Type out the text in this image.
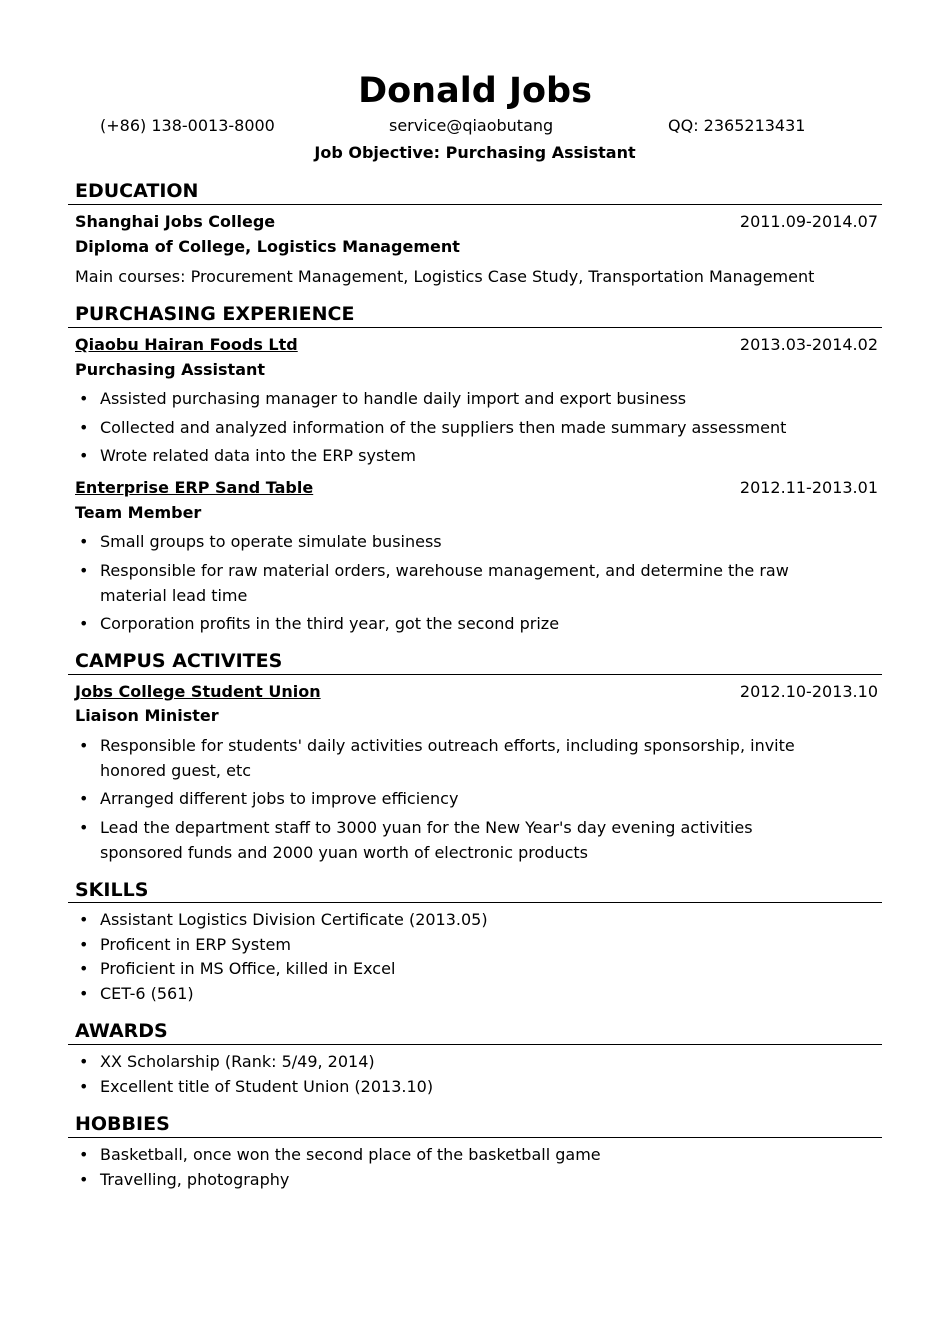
Donald Jobs
(+86) 138-0013-8000	service@qiaobutang	QQ: 2365213431
Job Objective: Purchasing Assistant
EDUCATION
Shanghai Jobs College	2011.09-2014.07
Diploma of College, Logistics Management
Main courses: Procurement Management, Logistics Case Study, Transportation Management
PURCHASING EXPERIENCE
Qiaobu Hairan Foods Ltd	2013.03-2014.02
Purchasing Assistant
• Assisted purchasing manager to handle daily import and export business
• Collected and analyzed information of the suppliers then made summary assessment
• Wrote related data into the ERP system
Enterprise ERP Sand Table	2012.11-2013.01
Team Member
• Small groups to operate simulate business
• Responsible for raw material orders, warehouse management, and determine the raw
material lead time
• Corporation profits in the third year, got the second prize
CAMPUS ACTIVITES
Jobs College Student Union	2012.10-2013.10
Liaison Minister
• Responsible for students' daily activities outreach efforts, including sponsorship, invite
honored guest, etc
• Arranged different jobs to improve efficiency
• Lead the department staff to 3000 yuan for the New Year's day evening activities
sponsored funds and 2000 yuan worth of electronic products
SKILLS
• Assistant Logistics Division Certificate (2013.05)
• Proficent in ERP System
• Proficient in MS Office, killed in Excel
• CET-6 (561)
AWARDS
• XX Scholarship (Rank: 5/49, 2014)
• Excellent title of Student Union (2013.10)
HOBBIES
• Basketball, once won the second place of the basketball game
• Travelling, photography
